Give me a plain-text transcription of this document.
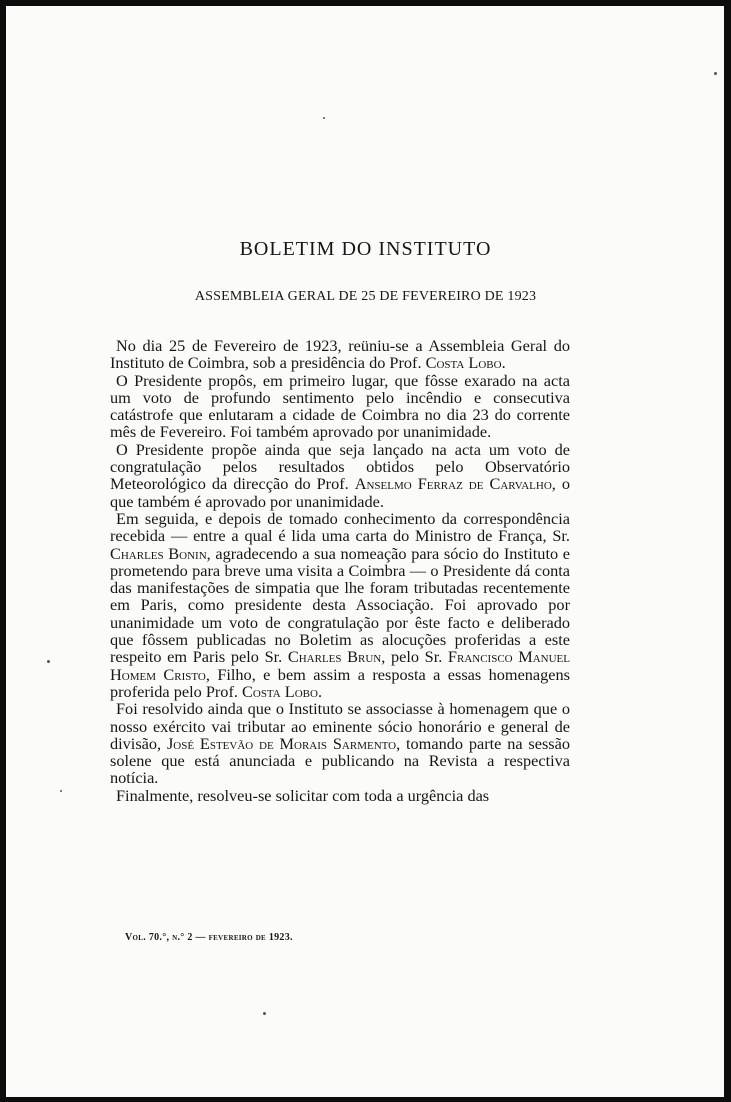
BOLETIM DO INSTITUTO
ASSEMBLEIA GERAL DE 25 DE FEVEREIRO DE 1923

No dia 25 de Fevereiro de 1923, reüniu-se a Assembleia Geral do Instituto de Coimbra, sob a presidência do Prof. Costa Lobo.

O Presidente propôs, em primeiro lugar, que fôsse exarado na acta um voto de profundo sentimento pelo incêndio e consecutiva catástrofe que enlutaram a cidade de Coimbra no dia 23 do corrente mês de Fevereiro. Foi também aprovado por unanimidade.

O Presidente propõe ainda que seja lançado na acta um voto de congratulação pelos resultados obtidos pelo Observatório Meteorológico da direcção do Prof. Anselmo Ferraz de Carvalho, o que também é aprovado por unanimidade.

Em seguida, e depois de tomado conhecimento da correspondência recebida — entre a qual é lida uma carta do Ministro de França, Sr. Charles Bonin, agradecendo a sua nomeação para sócio do Instituto e prometendo para breve uma visita a Coimbra — o Presidente dá conta das manifestações de simpatia que lhe foram tributadas recentemente em Paris, como presidente desta Associação. Foi aprovado por unanimidade um voto de congratulação por êste facto e deliberado que fôssem publicadas no Boletim as alocuções proferidas a este respeito em Paris pelo Sr. Charles Brun, pelo Sr. Francisco Manuel Homem Cristo, Filho, e bem assim a resposta a essas homenagens proferida pelo Prof. Costa Lobo.

Foi resolvido ainda que o Instituto se associasse à homenagem que o nosso exército vai tributar ao eminente sócio honorário e general de divisão, José Estevão de Morais Sarmento, tomando parte na sessão solene que está anunciada e publicando na Revista a respectiva notícia.

Finalmente, resolveu-se solicitar com toda a urgência das

Vol. 70.°, n.° 2 — fevereiro de 1923.
